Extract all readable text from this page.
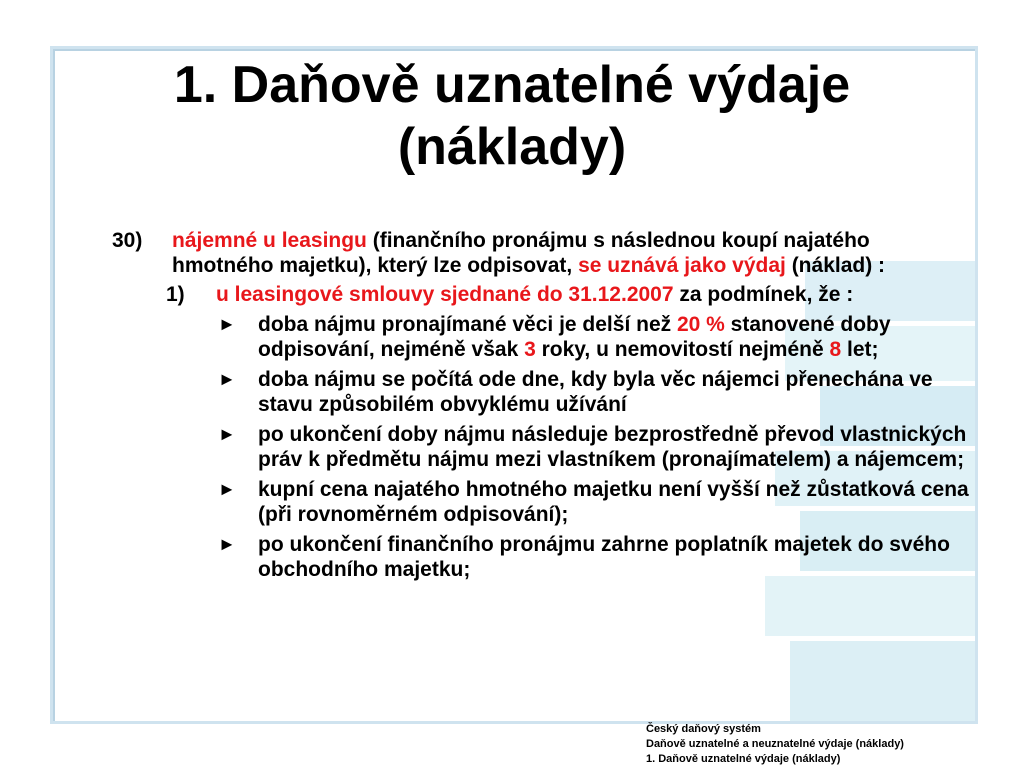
1. Daňově uznatelné výdaje
(náklady)
30) nájemné u leasingu (finančního pronájmu s následnou koupí najatého hmotného majetku), který lze odpisovat, se uznává jako výdaj (náklad) :
1) u leasingové smlouvy sjednané do 31.12.2007 za podmínek, že :
► doba nájmu pronajímané věci je delší než 20 % stanovené doby odpisování, nejméně však 3 roky, u nemovitostí nejméně 8 let;
► doba nájmu se počítá ode dne, kdy byla věc nájemci přenechána ve stavu způsobilém obvyklému užívání
► po ukončení doby nájmu následuje bezprostředně převod vlastnických práv k předmětu nájmu mezi vlastníkem (pronajímatelem) a nájemcem;
► kupní cena najatého hmotného majetku není vyšší než zůstatková cena (při rovnoměrném odpisování);
► po ukončení finančního pronájmu zahrne poplatník majetek do svého obchodního majetku;
Český daňový systém
Daňově uznatelné a neuznatelné výdaje (náklady)
1. Daňově uznatelné výdaje (náklady)
